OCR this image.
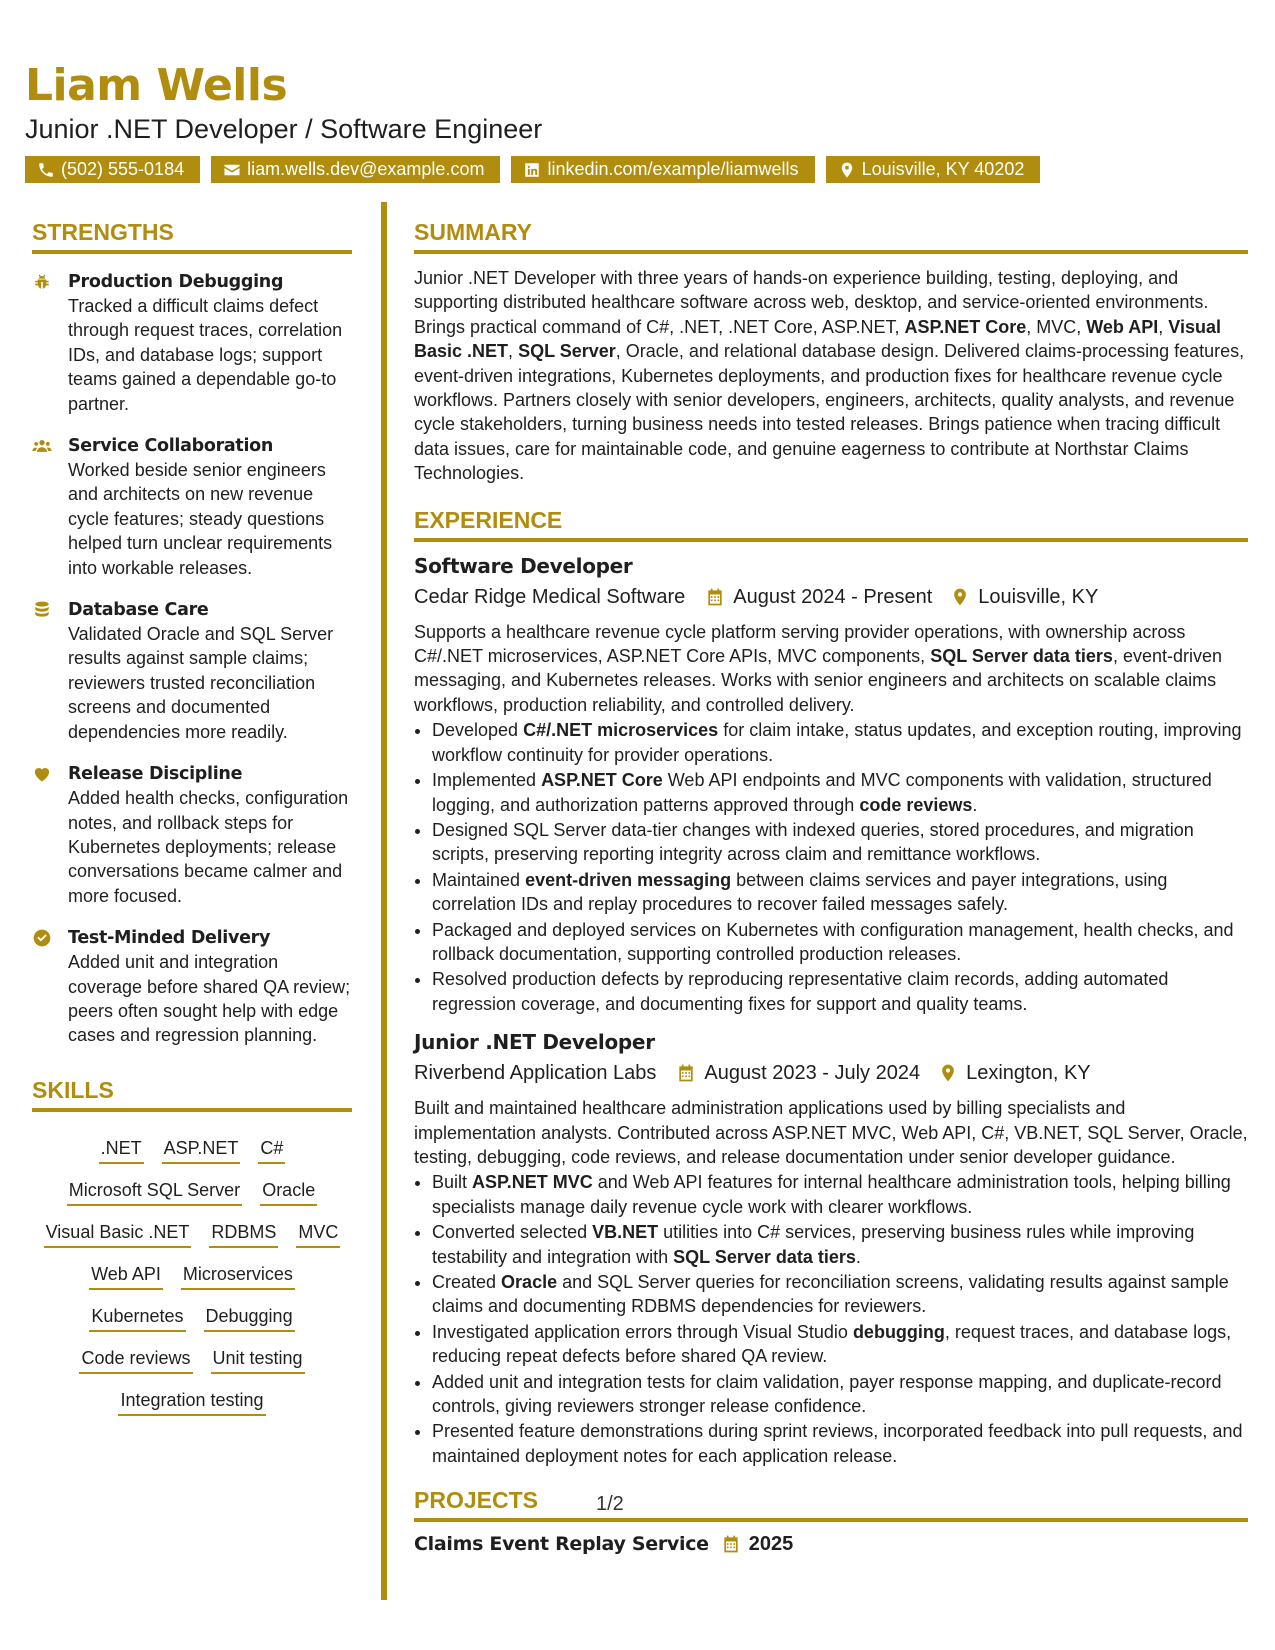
Liam Wells
Junior .NET Developer / Software Engineer
(502) 555-0184	liam.wells.dev@example.com	linkedin.com/example/liamwells	Louisville, KY 40202
STRENGTHS
Production Debugging
Tracked a difficult claims defect through request traces, correlation IDs, and database logs; support teams gained a dependable go-to partner.
Service Collaboration
Worked beside senior engineers and architects on new revenue cycle features; steady questions helped turn unclear requirements into workable releases.
Database Care
Validated Oracle and SQL Server results against sample claims; reviewers trusted reconciliation screens and documented dependencies more readily.
Release Discipline
Added health checks, configuration notes, and rollback steps for Kubernetes deployments; release conversations became calmer and more focused.
Test-Minded Delivery
Added unit and integration coverage before shared QA review; peers often sought help with edge cases and regression planning.
SKILLS
.NET ASP.NET C#
Microsoft SQL Server Oracle
Visual Basic .NET RDBMS MVC
Web API Microservices
Kubernetes Debugging
Code reviews Unit testing
Integration testing
SUMMARY
Junior .NET Developer with three years of hands-on experience building, testing, deploying, and supporting distributed healthcare software across web, desktop, and service-oriented environments. Brings practical command of C#, .NET, .NET Core, ASP.NET, ASP.NET Core, MVC, Web API, Visual Basic .NET, SQL Server, Oracle, and relational database design. Delivered claims-processing features, event-driven integrations, Kubernetes deployments, and production fixes for healthcare revenue cycle workflows. Partners closely with senior developers, engineers, architects, quality analysts, and revenue cycle stakeholders, turning business needs into tested releases. Brings patience when tracing difficult data issues, care for maintainable code, and genuine eagerness to contribute at Northstar Claims Technologies.
EXPERIENCE
Software Developer
Cedar Ridge Medical Software August 2024 - Present Louisville, KY
Supports a healthcare revenue cycle platform serving provider operations, with ownership across C#/.NET microservices, ASP.NET Core APIs, MVC components, SQL Server data tiers, event-driven messaging, and Kubernetes releases. Works with senior engineers and architects on scalable claims workflows, production reliability, and controlled delivery.
• Developed C#/.NET microservices for claim intake, status updates, and exception routing, improving workflow continuity for provider operations.
• Implemented ASP.NET Core Web API endpoints and MVC components with validation, structured logging, and authorization patterns approved through code reviews.
• Designed SQL Server data-tier changes with indexed queries, stored procedures, and migration scripts, preserving reporting integrity across claim and remittance workflows.
• Maintained event-driven messaging between claims services and payer integrations, using correlation IDs and replay procedures to recover failed messages safely.
• Packaged and deployed services on Kubernetes with configuration management, health checks, and rollback documentation, supporting controlled production releases.
• Resolved production defects by reproducing representative claim records, adding automated regression coverage, and documenting fixes for support and quality teams.
Junior .NET Developer
Riverbend Application Labs August 2023 - July 2024 Lexington, KY
Built and maintained healthcare administration applications used by billing specialists and implementation analysts. Contributed across ASP.NET MVC, Web API, C#, VB.NET, SQL Server, Oracle, testing, debugging, code reviews, and release documentation under senior developer guidance.
• Built ASP.NET MVC and Web API features for internal healthcare administration tools, helping billing specialists manage daily revenue cycle work with clearer workflows.
• Converted selected VB.NET utilities into C# services, preserving business rules while improving testability and integration with SQL Server data tiers.
• Created Oracle and SQL Server queries for reconciliation screens, validating results against sample claims and documenting RDBMS dependencies for reviewers.
• Investigated application errors through Visual Studio debugging, request traces, and database logs, reducing repeat defects before shared QA review.
• Added unit and integration tests for claim validation, payer response mapping, and duplicate-record controls, giving reviewers stronger release confidence.
• Presented feature demonstrations during sprint reviews, incorporated feedback into pull requests, and maintained deployment notes for each application release.
PROJECTS
Claims Event Replay Service 2025
1/2
